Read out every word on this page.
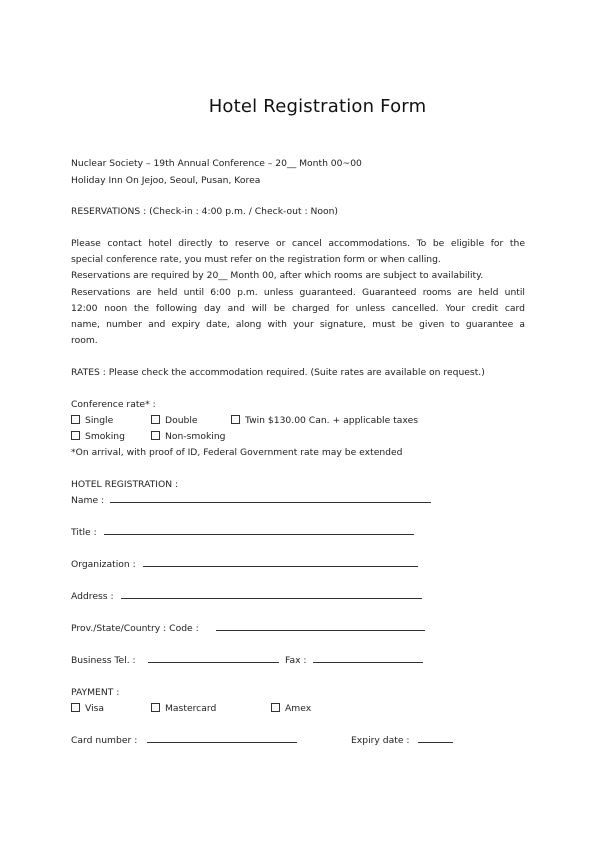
Hotel Registration Form
Nuclear Society – 19th Annual Conference – 20__ Month 00~00
Holiday Inn On Jejoo, Seoul, Pusan, Korea
RESERVATIONS : (Check-in : 4:00 p.m. / Check-out : Noon)
Please contact hotel directly to reserve or cancel accommodations. To be eligible for the
special conference rate, you must refer on the registration form or when calling.
Reservations are required by 20__ Month 00, after which rooms are subject to availability.
Reservations are held until 6:00 p.m. unless guaranteed. Guaranteed rooms are held until
12:00 noon the following day and will be charged for unless cancelled. Your credit card
name, number and expiry date, along with your signature, must be given to guarantee a
room.
RATES : Please check the accommodation required. (Suite rates are available on request.)
Conference rate* :
Single	Double	Twin $130.00 Can. + applicable taxes
Smoking	Non-smoking
*On arrival, with proof of ID, Federal Government rate may be extended
HOTEL REGISTRATION :
Name :
Title :
Organization :
Address :
Prov./State/Country : Code :
Business Tel. :	Fax :
PAYMENT :
Visa	Mastercard	Amex
Card number :	Expiry date :
